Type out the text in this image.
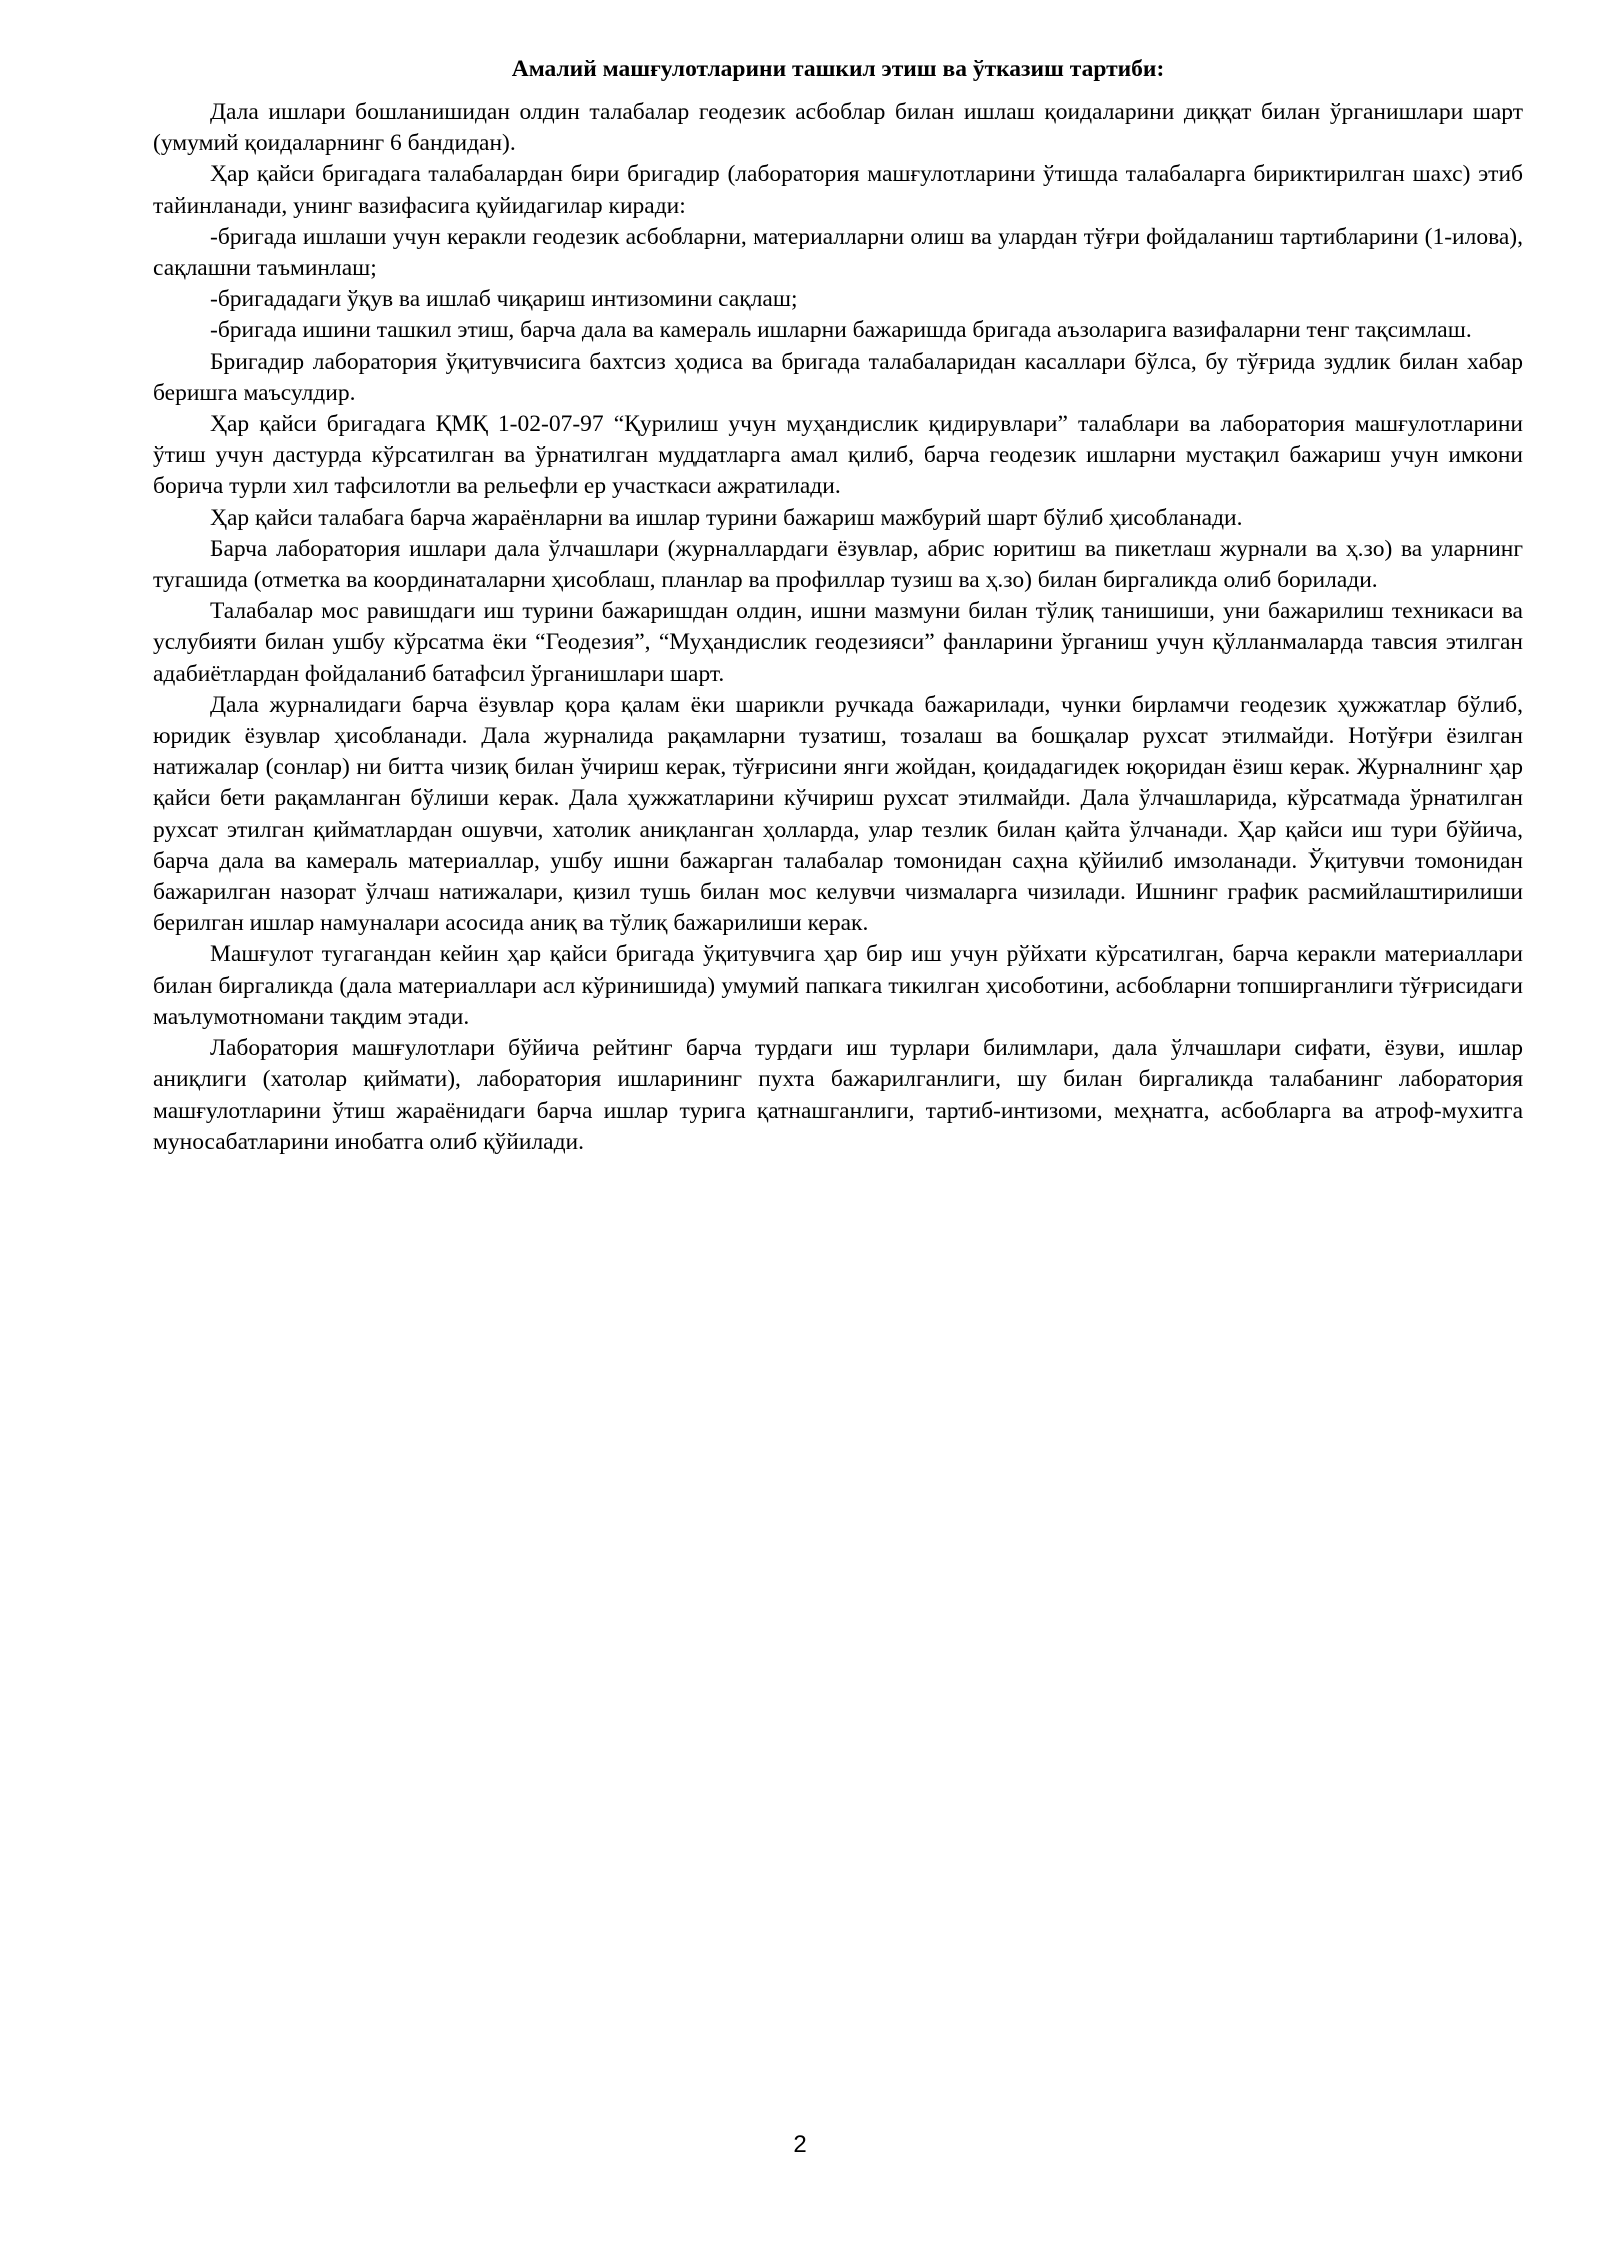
Амалий машғулотларини ташкил этиш ва ўтказиш тартиби:

Дала ишлари бошланишидан олдин талабалар геодезик асбоблар билан ишлаш қоидаларини диққат билан ўрганишлари шарт (умумий қоидаларнинг 6 бандидан).

Ҳар қайси бригадага талабалардан бири бригадир (лаборатория машғулотларини ўтишда талабаларга бириктирилган шахс) этиб тайинланади, унинг вазифасига қуйидагилар киради:

-бригада ишлаши учун керакли геодезик асбобларни, материалларни олиш ва улардан тўғри фойдаланиш тартибларини (1-илова), сақлашни таъминлаш;

-бригададаги ўқув ва ишлаб чиқариш интизомини сақлаш;

-бригада ишини ташкил этиш, барча дала ва камераль ишларни бажаришда бригада аъзоларига вазифаларни тенг тақсимлаш.

Бригадир лаборатория ўқитувчисига бахтсиз ҳодиса ва бригада талабаларидан касаллари бўлса, бу тўғрида зудлик билан хабар беришга маъсулдир.

Ҳар қайси бригадага ҚМҚ 1-02-07-97 “Қурилиш учун муҳандислик қидирувлари” талаблари ва лаборатория машғулотларини ўтиш учун дастурда кўрсатилган ва ўрнатилган муддатларга амал қилиб, барча геодезик ишларни мустақил бажариш учун имкони борича турли хил тафсилотли ва рельефли ер участкаси ажратилади.

Ҳар қайси талабага барча жараёнларни ва ишлар турини бажариш мажбурий шарт бўлиб ҳисобланади.

Барча лаборатория ишлари дала ўлчашлари (журналлардаги ёзувлар, абрис юритиш ва пикетлаш журнали ва ҳ.зо) ва уларнинг тугашида (отметка ва координаталарни ҳисоблаш, планлар ва профиллар тузиш ва ҳ.зо) билан биргаликда олиб борилади.

Талабалар мос равишдаги иш турини бажаришдан олдин, ишни мазмуни билан тўлиқ танишиши, уни бажарилиш техникаси ва услубияти билан ушбу кўрсатма ёки “Геодезия”, “Муҳандислик геодезияси” фанларини ўрганиш учун қўлланмаларда тавсия этилган адабиётлардан фойдаланиб батафсил ўрганишлари шарт.

Дала журналидаги барча ёзувлар қора қалам ёки шарикли ручкада бажарилади, чунки бирламчи геодезик ҳужжатлар бўлиб, юридик ёзувлар ҳисобланади. Дала журналида рақамларни тузатиш, тозалаш ва бошқалар рухсат этилмайди. Нотўғри ёзилган натижалар (сонлар) ни битта чизиқ билан ўчириш керак, тўғрисини янги жойдан, қоидадагидек юқоридан ёзиш керак. Журналнинг ҳар қайси бети рақамланган бўлиши керак. Дала ҳужжатларини кўчириш рухсат этилмайди. Дала ўлчашларида, кўрсатмада ўрнатилган рухсат этилган қийматлардан ошувчи, хатолик аниқланган ҳолларда, улар тезлик билан қайта ўлчанади. Ҳар қайси иш тури бўйича, барча дала ва камераль материаллар, ушбу ишни бажарган талабалар томонидан саҳна қўйилиб имзоланади. Ўқитувчи томонидан бажарилган назорат ўлчаш натижалари, қизил тушь билан мос келувчи чизмаларга чизилади. Ишнинг график расмийлаштирилиши берилган ишлар намуналари асосида аниқ ва тўлиқ бажарилиши керак.

Машғулот тугагандан кейин ҳар қайси бригада ўқитувчига ҳар бир иш учун рўйхати кўрсатилган, барча керакли материаллари билан биргаликда (дала материаллари асл кўринишида) умумий папкага тикилган ҳисоботини, асбобларни топширганлиги тўғрисидаги маълумотномани тақдим этади.

Лаборатория машғулотлари бўйича рейтинг барча турдаги иш турлари билимлари, дала ўлчашлари сифати, ёзуви, ишлар аниқлиги (хатолар қиймати), лаборатория ишларининг пухта бажарилганлиги, шу билан биргаликда талабанинг лаборатория машғулотларини ўтиш жараёнидаги барча ишлар турига қатнашганлиги, тартиб-интизоми, меҳнатга, асбобларга ва атроф-мухитга муносабатларини инобатга олиб қўйилади.

2
